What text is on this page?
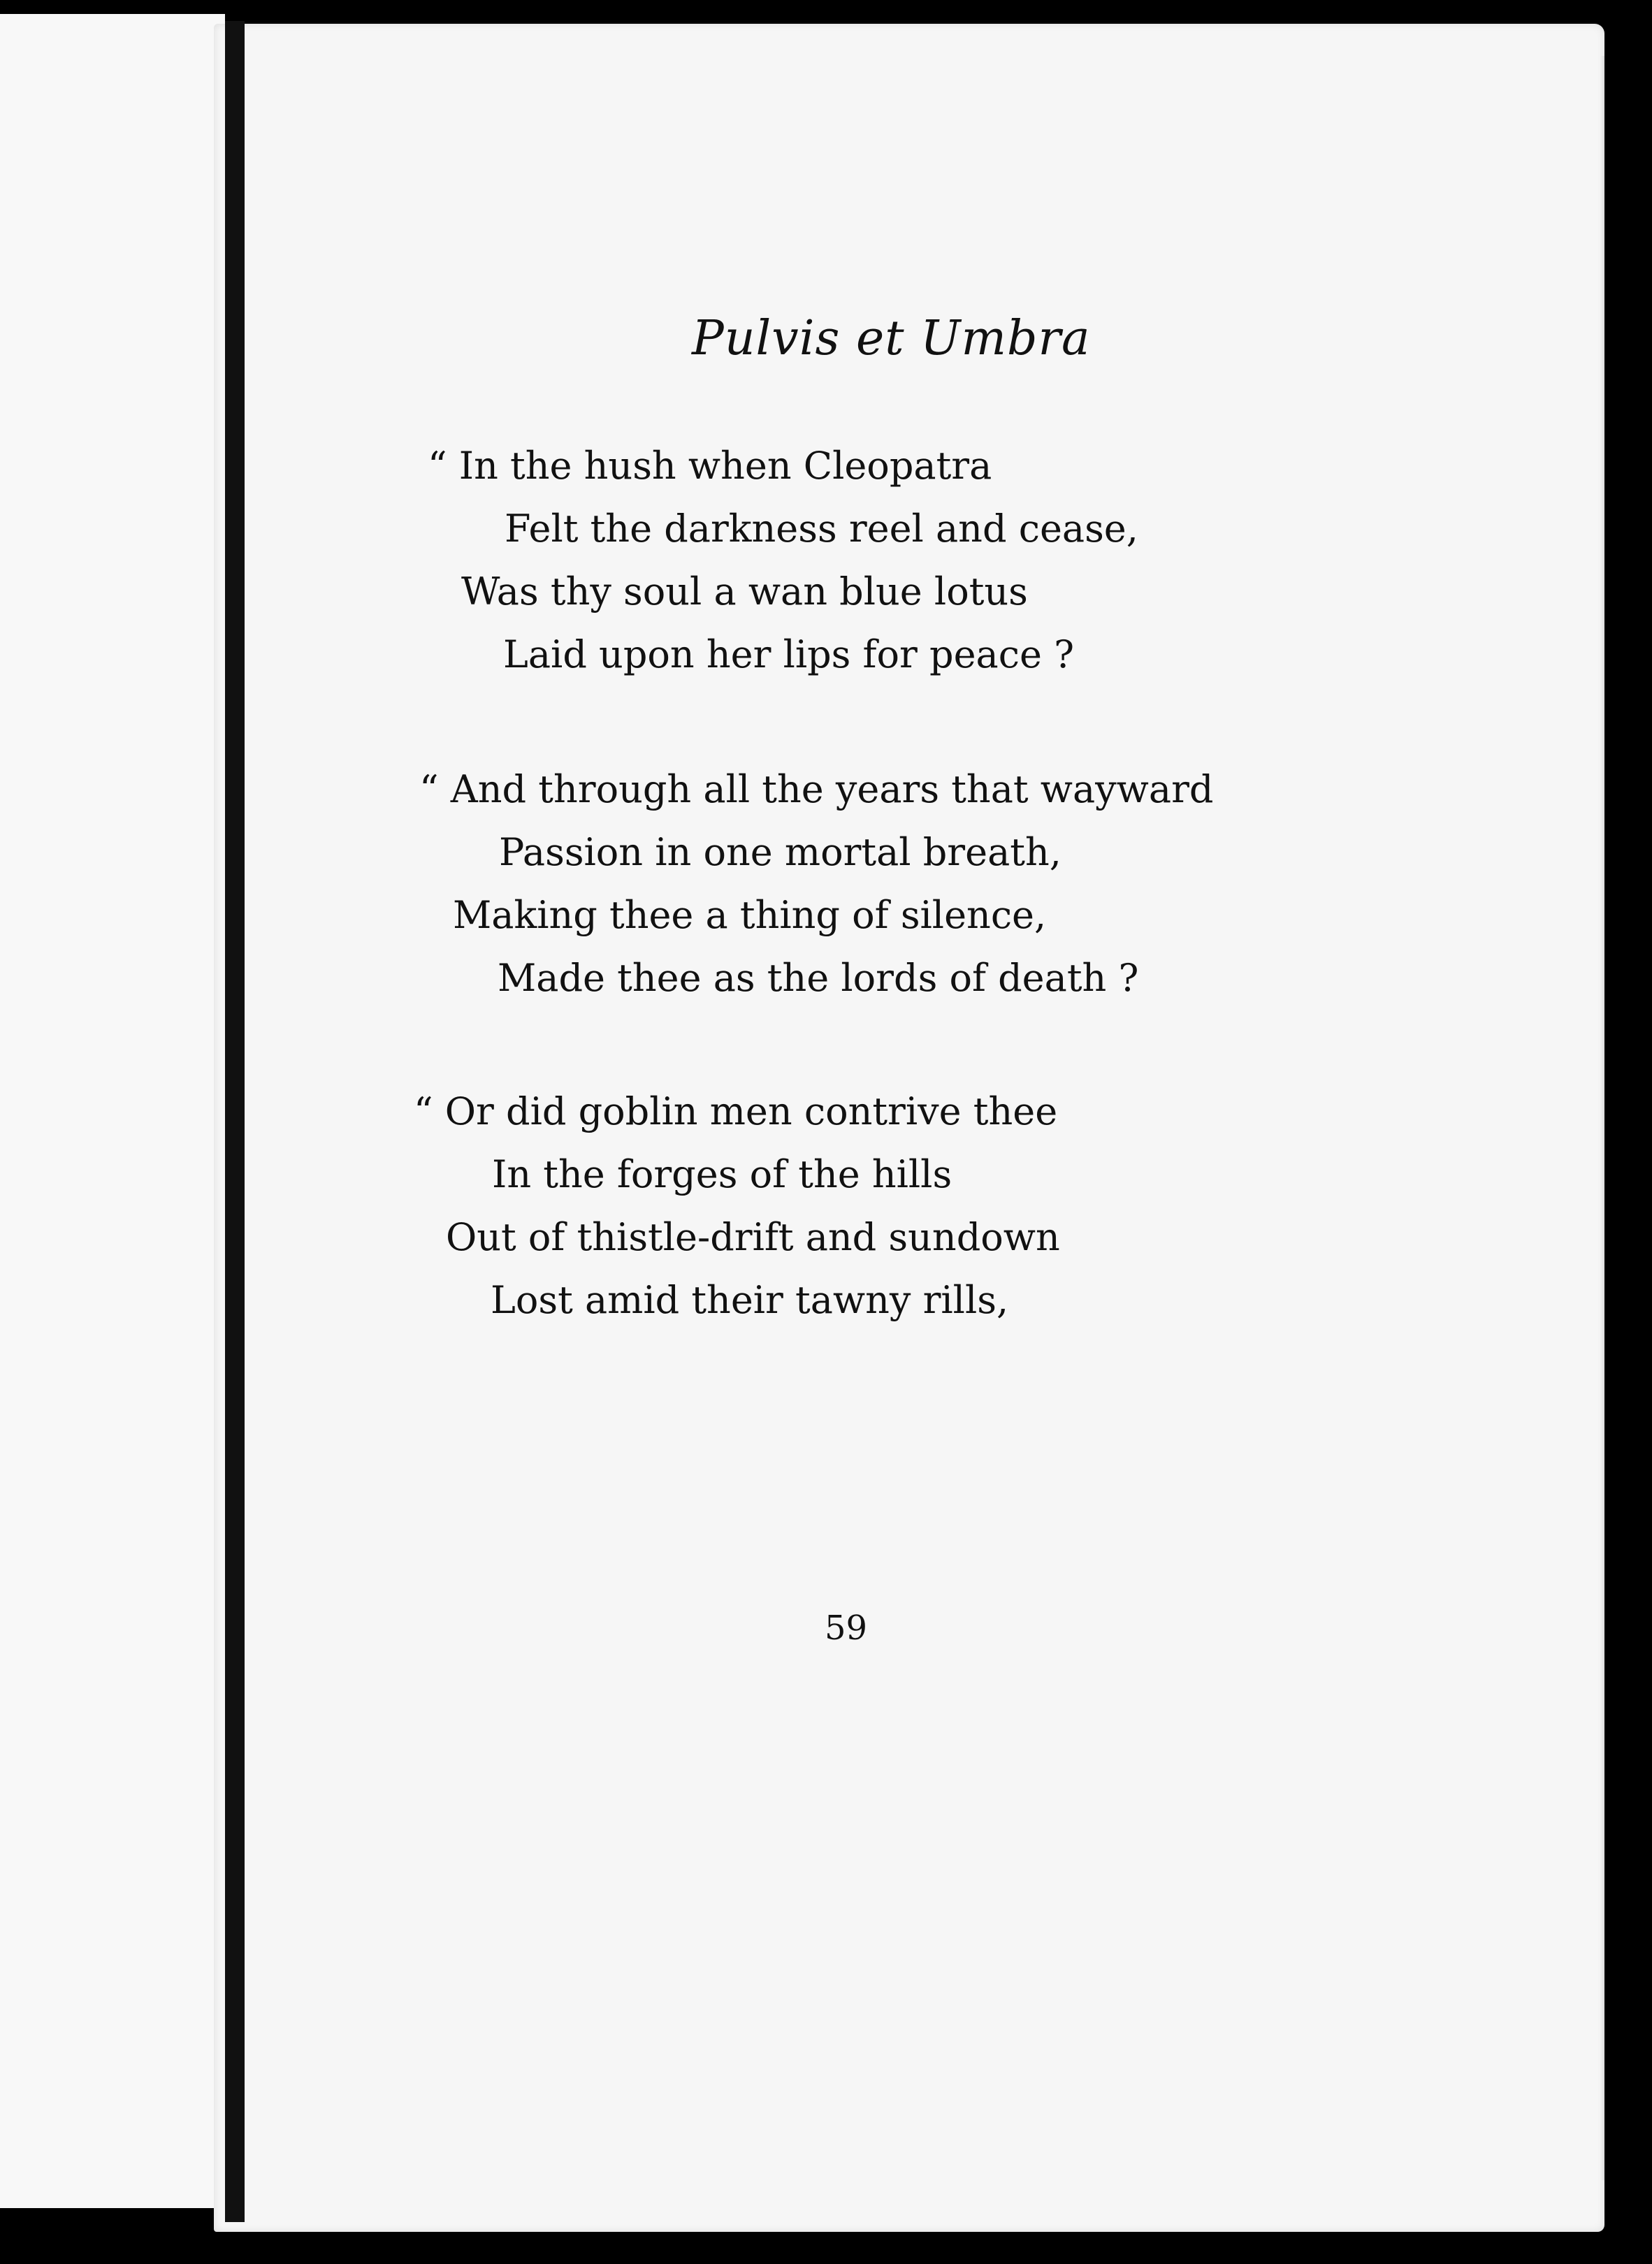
Pulvis et Umbra
“ In the hush when Cleopatra
Felt the darkness reel and cease,
Was thy soul a wan blue lotus
Laid upon her lips for peace ?
“ And through all the years that wayward
Passion in one mortal breath,
Making thee a thing of silence,
Made thee as the lords of death ?
“ Or did goblin men contrive thee
In the forges of the hills
Out of thistle-drift and sundown
Lost amid their tawny rills,
59
